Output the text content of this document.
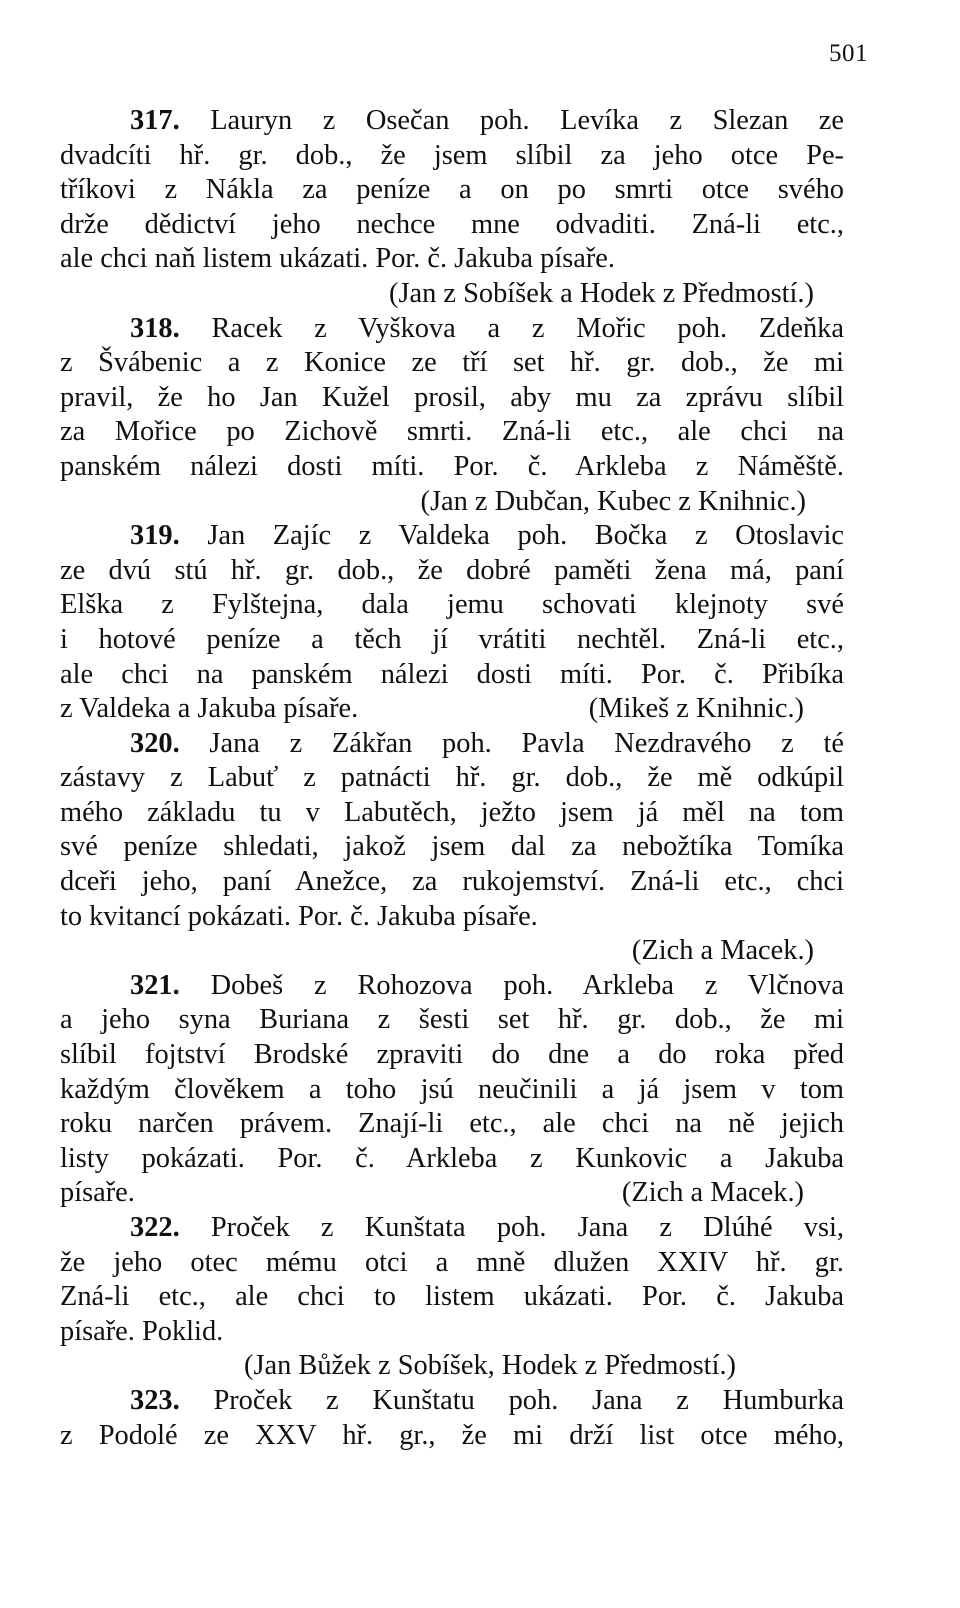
501
317. Lauryn z Osečan poh. Levíka z Slezan ze
dvadcíti hř. gr. dob., že jsem slíbil za jeho otce Pe-
tříkovi z Nákla za peníze a on po smrti otce svého
drže dědictví jeho nechce mne odvaditi. Zná-li etc.,
ale chci naň listem ukázati. Por. č. Jakuba písaře.
(Jan z Sobíšek a Hodek z Předmostí.)
318. Racek z Vyškova a z Mořic poh. Zdeňka
z Švábenic a z Konice ze tří set hř. gr. dob., že mi
pravil, že ho Jan Kužel prosil, aby mu za zprávu slíbil
za Mořice po Zichově smrti. Zná-li etc., ale chci na
panském nálezi dosti míti. Por. č. Arkleba z Náměště.
(Jan z Dubčan, Kubec z Knihnic.)
319. Jan Zajíc z Valdeka poh. Bočka z Otoslavic
ze dvú stú hř. gr. dob., že dobré paměti žena má, paní
Elška z Fylštejna, dala jemu schovati klejnoty své
i hotové peníze a těch jí vrátiti nechtěl. Zná-li etc.,
ale chci na panském nálezi dosti míti. Por. č. Přibíka
z Valdeka a Jakuba písaře.	(Mikeš z Knihnic.)
320. Jana z Zákřan poh. Pavla Nezdravého z té
zástavy z Labuť z patnácti hř. gr. dob., že mě odkúpil
mého základu tu v Labutěch, ježto jsem já měl na tom
své peníze shledati, jakož jsem dal za nebožtíka Tomíka
dceři jeho, paní Anežce, za rukojemství. Zná-li etc., chci
to kvitancí pokázati. Por. č. Jakuba písaře.
(Zich a Macek.)
321. Dobeš z Rohozova poh. Arkleba z Vlčnova
a jeho syna Buriana z šesti set hř. gr. dob., že mi
slíbil fojtství Brodské zpraviti do dne a do roka před
každým člověkem a toho jsú neučinili a já jsem v tom
roku narčen právem. Znají-li etc., ale chci na ně jejich
listy pokázati. Por. č. Arkleba z Kunkovic a Jakuba
písaře.	(Zich a Macek.)
322. Proček z Kunštata poh. Jana z Dlúhé vsi,
že jeho otec mému otci a mně dlužen XXIV hř. gr.
Zná-li etc., ale chci to listem ukázati. Por. č. Jakuba
písaře. Poklid.
(Jan Bůžek z Sobíšek, Hodek z Předmostí.)
323. Proček z Kunštatu poh. Jana z Humburka
z Podolé ze XXV hř. gr., že mi drží list otce mého,
